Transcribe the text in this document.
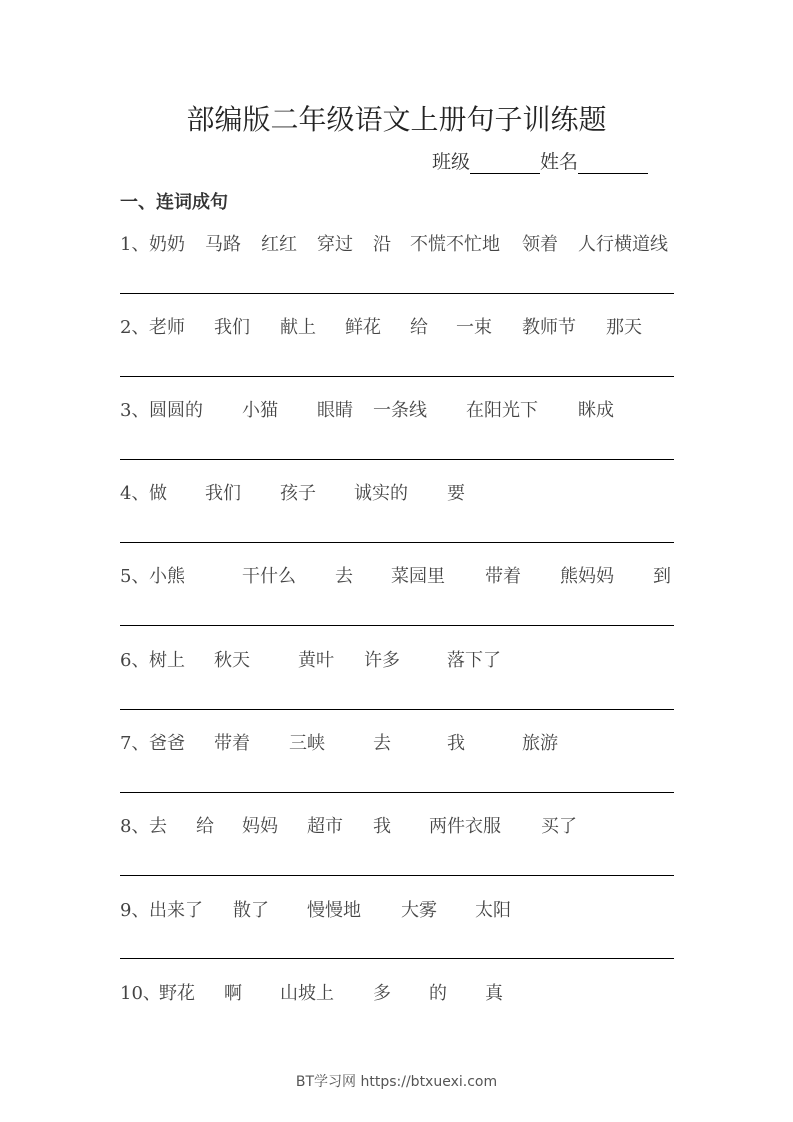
部编版二年级语文上册句子训练题
班级	姓名
一、连词成句
1、 奶奶 马路 红红 穿过 沿 不慌不忙地 领着 人行横道线
2、 老师 我们 献上 鲜花 给 一束 教师节 那天
3、 圆圆的 小猫 眼睛 一条线 在阳光下 眯成
4、 做 我们 孩子 诚实的 要
5、 小熊	干什么 去 菜园里 带着 熊妈妈 到
6、 树上 秋天	黄叶 许多	落下了
7、 爸爸 带着 三峡	去	我	旅游
8、 去 给 妈妈 超市 我 两件衣服 买了
9、 出来了 散了 慢慢地 大雾 太阳
10、
野花 啊 山坡上 多 的 真
BT学习网 https://btxuexi.com
